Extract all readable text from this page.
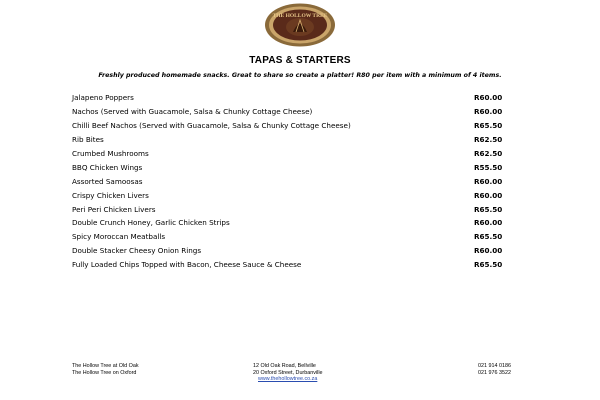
THE HOLLOW TREE
TAPAS & STARTERS
Freshly produced homemade snacks. Great to share so create a platter! R80 per item with a minimum of 4 items.
Jalapeno Poppers	R60.00
Nachos (Served with Guacamole, Salsa & Chunky Cottage Cheese)	R60.00
Chilli Beef Nachos (Served with Guacamole, Salsa & Chunky Cottage Cheese)	R65.50
Rib Bites	R62.50
Crumbed Mushrooms	R62.50
BBQ Chicken Wings	R55.50
Assorted Samoosas	R60.00
Crispy Chicken Livers	R60.00
Peri Peri Chicken Livers	R65.50
Double Crunch Honey, Garlic Chicken Strips	R60.00
Spicy Moroccan Meatballs	R65.50
Double Stacker Cheesy Onion Rings	R60.00
Fully Loaded Chips Topped with Bacon, Cheese Sauce & Cheese	R65.50
The Hollow Tree at Old Oak
The Hollow Tree on Oxford
12 Old Oak Road, Bellville
20 Oxford Street, Durbanville
021 914 0186
021 976 3522
www.thehollowtree.co.za
